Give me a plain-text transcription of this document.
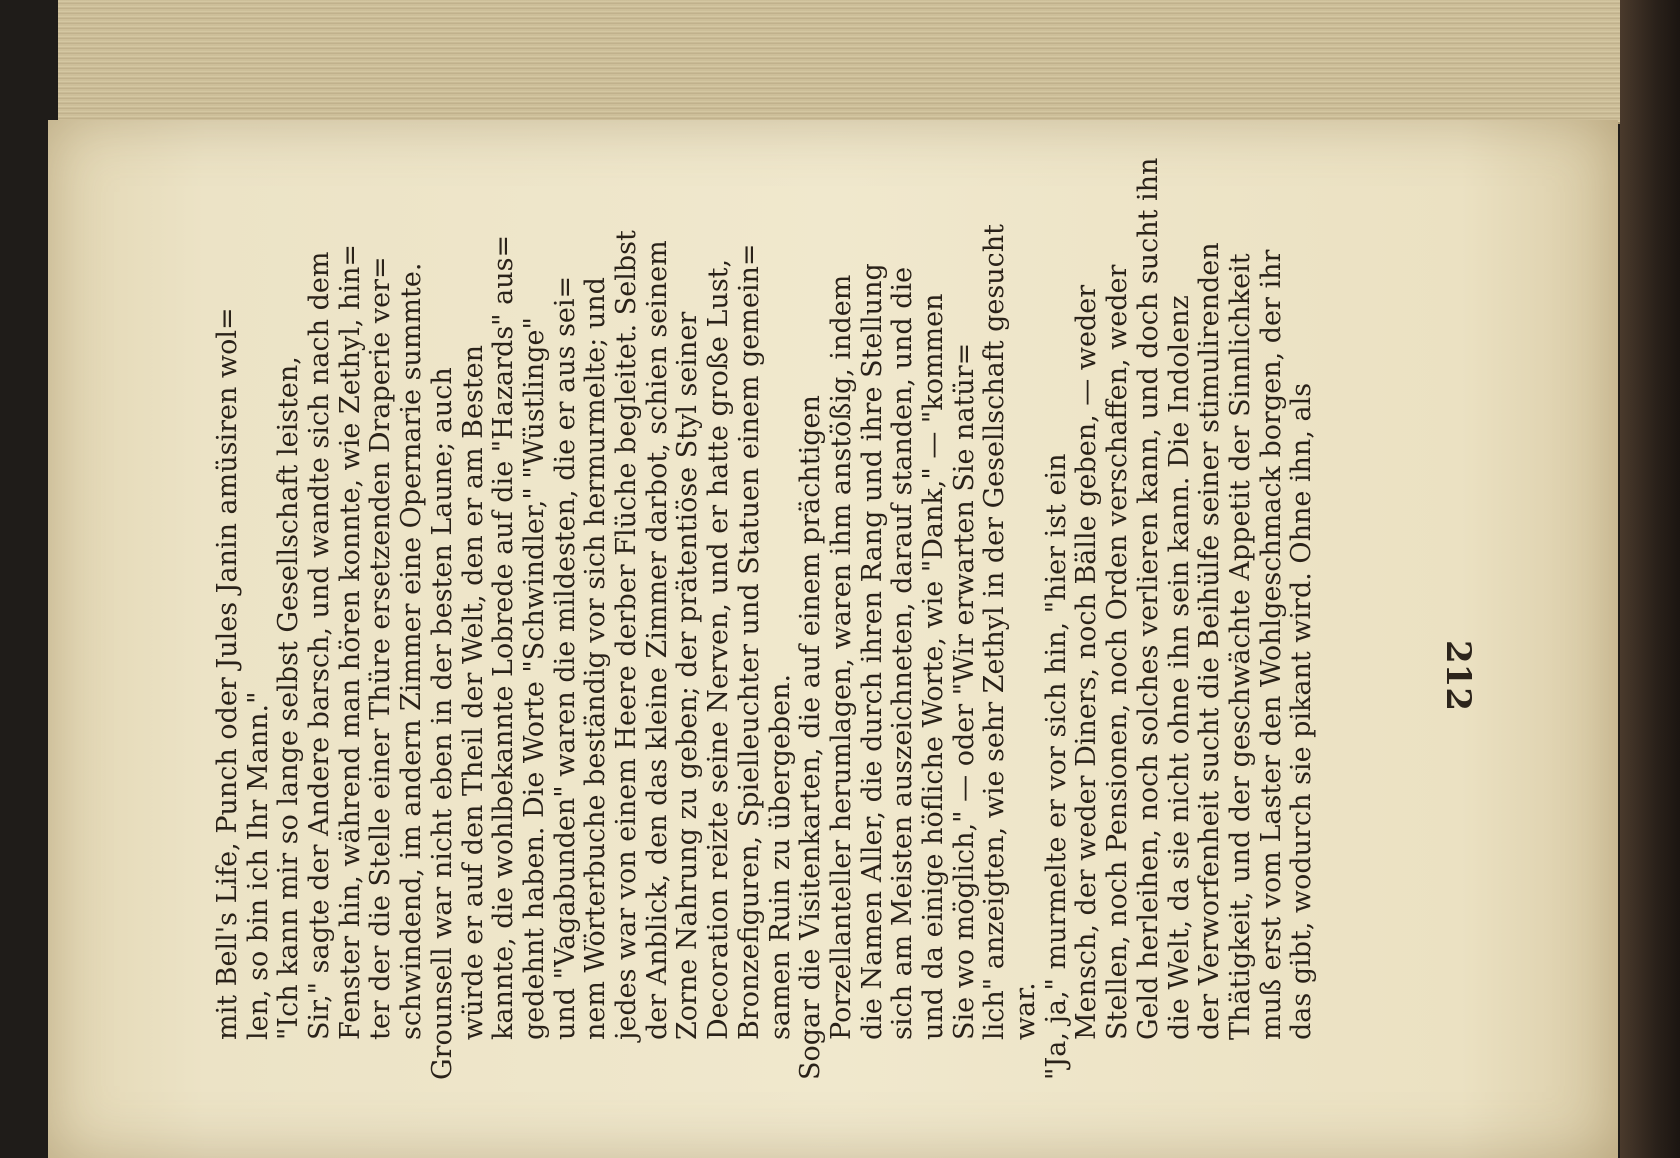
212
mit Bell's Life, Punch oder Jules Janin amüsiren wol= len, so bin ich Ihr Mann." "Ich kann mir so lange selbst Gesellschaft leisten, Sir," sagte der Andere barsch, und wandte sich nach dem Fenster hin, während man hören konnte, wie Zethyl, hin= ter der die Stelle einer Thüre ersetzenden Draperie ver= schwindend, im andern Zimmer eine Opernarie summte. Grounsell war nicht eben in der besten Laune; auch würde er auf den Theil der Welt, den er am Besten kannte, die wohlbekannte Lobrede auf die "Hazards" aus= gedehnt haben. Die Worte "Schwindler," "Wüstlinge" und "Vagabunden" waren die mildesten, die er aus sei= nem Wörterbuche beständig vor sich hermurmelte; und jedes war von einem Heere derber Flüche begleitet. Selbst der Anblick, den das kleine Zimmer darbot, schien seinem Zorne Nahrung zu geben; der prätentiöse Styl seiner Decoration reizte seine Nerven, und er hatte große Lust, Bronzefiguren, Spielleuchter und Statuen einem gemein= samen Ruin zu übergeben. Sogar die Visitenkarten, die auf einem prächtigen Porzellanteller herumlagen, waren ihm anstößig, indem die Namen Aller, die durch ihren Rang und ihre Stellung sich am Meisten auszeichneten, darauf standen, und die und da einige höfliche Worte, wie "Dank," — "kommen Sie wo möglich," — oder "Wir erwarten Sie natür= lich" anzeigten, wie sehr Zethyl in der Gesellschaft gesucht war. "Ja, ja," murmelte er vor sich hin, "hier ist ein Mensch, der weder Diners, noch Bälle geben, — weder Stellen, noch Pensionen, noch Orden verschaffen, weder Geld herleihen, noch solches verlieren kann, und doch sucht ihn die Welt, da sie nicht ohne ihn sein kann. Die Indolenz der Verworfenheit sucht die Beihülfe seiner stimulirenden Thätigkeit, und der geschwächte Appetit der Sinnlichkeit muß erst vom Laster den Wohlgeschmack borgen, der ihr das gibt, wodurch sie pikant wird. Ohne ihn, als
